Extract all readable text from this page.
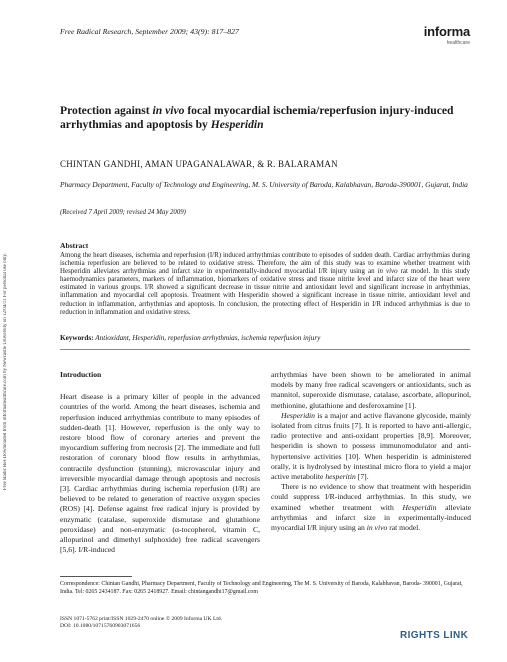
Free Radic Res Downloaded from informahealthcare.com by Newcastle University on 12/04/11 For personal use only.
Free Radical Research, September 2009; 43(9): 817–827	informa
healthcare
Protection against in vivo focal myocardial ischemia/reperfusion injury-induced arrhythmias and apoptosis by Hesperidin
CHINTAN GANDHI, AMAN UPAGANALAWAR, & R. BALARAMAN
Pharmacy Department, Faculty of Technology and Engineering, M. S. University of Baroda, Kalabhavan, Baroda-390001, Gujarat, India
(Received 7 April 2009; revised 24 May 2009)
Abstract
Among the heart diseases, ischemia and reperfusion (I/R) induced arrhythmias contribute to episodes of sudden death. Cardiac arrhythmias during ischemia reperfusion are believed to be related to oxidative stress. Therefore, the aim of this study was to examine whether treatment with Hesperidin alleviates arrhythmias and infarct size in experimentally-induced myocardial I/R injury using an in vivo rat model. In this study haemodynamics parameters, markers of inflammation, biomarkers of oxidative stress and tissue nitrite level and infarct size of the heart were estimated in various groups. I/R showed a significant decrease in tissue nitrite and antioxidant level and significant increase in arrhythmias, inflammation and myocardial cell apoptosis. Treatment with Hesperidin showed a significant increase in tissue nitrite, antioxidant level and reduction in inflammation, arrhythmias and apoptosis. In conclusion, the protecting effect of Hesperidin in I/R induced arrhythmias is due to reduction in inflammation and oxidative stress.
Keywords: Antioxidant, Hesperidin, reperfusion arrhythmias, ischemia reperfusion injury
Introduction

Heart disease is a primary killer of people in the advanced countries of the world. Among the heart diseases, ischemia and reperfusion induced arrhythmias contribute to many episodes of sudden-death [1]. However, reperfusion is the only way to restore blood flow of coronary arteries and prevent the myocardium suffering from necrosis [2]. The immediate and full restoration of coronary blood flow results in arrhythmias, contractile dysfunction (stunning), microvascular injury and irreversible myocardial damage through apoptosis and necrosis [3]. Cardiac arrhythmias during ischemia reperfusion (I/R) are believed to be related to generation of reactive oxygen species (ROS) [4]. Defense against free radical injury is provided by enzymatic (catalase, superoxide dismutase and glutathione peroxidase) and non-enzymatic (α-tocopherol, vitamin C, allopurinol and dimethyl sulphoxide) free radical scavengers [5,6]. I/R-induced

arrhythmias have been shown to be ameliorated in animal models by many free radical scavengers or antioxidants, such as mannitol, superoxide dismutase, catalase, ascorbate, allopurinol, methionine, glutathione and desferoxamine [1].

Hesperidin is a major and active flavanone glycoside, mainly isolated from citrus fruits [7]. It is reported to have anti-allergic, radio protective and anti-oxidant properties [8,9]. Moreover, hesperidin is shown to possess immunomodulator and anti-hypertensive activities [10]. When hesperidin is administered orally, it is hydrolysed by intestinal micro flora to yield a major active metabolite hesperitin [7].

There is no evidence to show that treatment with hesperidin could suppress I/R-induced arrhythmias. In this study, we examined whether treatment with Hesperidin alleviate arrhythmias and infarct size in experimentally-induced myocardial I/R injury using an in vivo rat model.

Correspondence: Chintan Gandhi, Pharmacy Department, Faculty of Technology and Engineering, The M. S. University of Baroda, Kalabhavan, Baroda- 390001, Gujarat, India. Tel: 0265 2434187. Fax: 0265 2418927. Email: chintangandhi17@gmail.com
ISSN 1071-5762 print/ISSN 1029-2470 online © 2009 Informa UK Ltd.
DOI: 10.1080/10715760903071656
RIGHTS LINK
